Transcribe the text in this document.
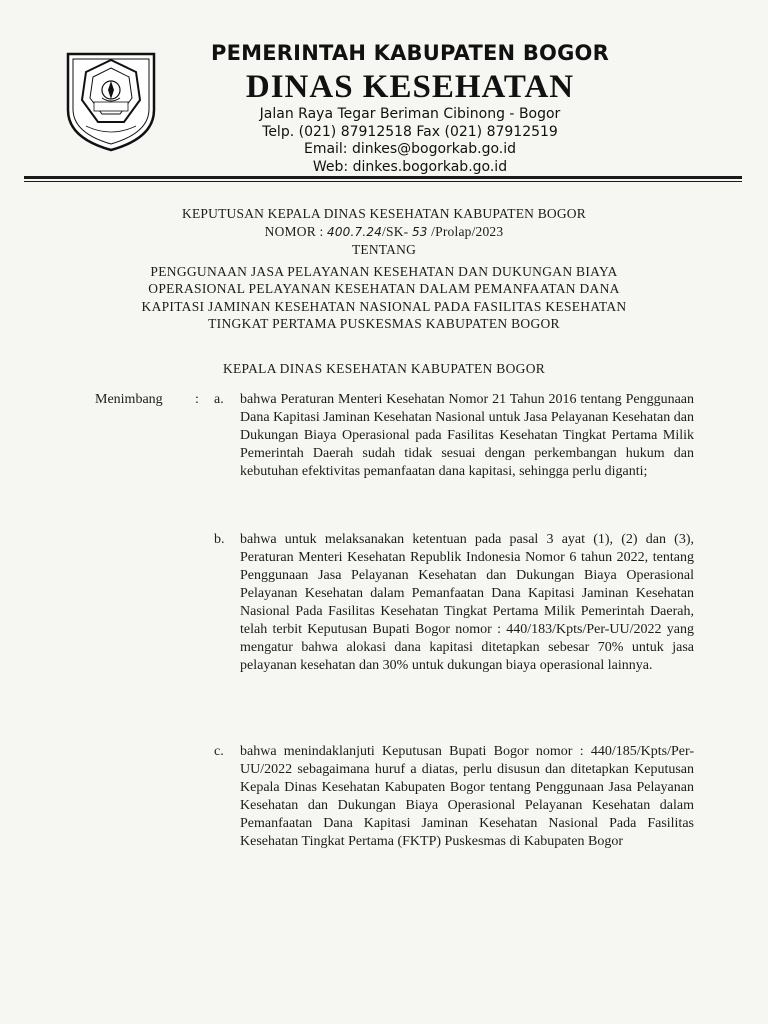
PEMERINTAH KABUPATEN BOGOR
DINAS KESEHATAN
Jalan Raya Tegar Beriman Cibinong - Bogor
Telp. (021) 87912518 Fax (021) 87912519
Email: dinkes@bogorkab.go.id
Web: dinkes.bogorkab.go.id
KEPUTUSAN KEPALA DINAS KESEHATAN KABUPATEN BOGOR
NOMOR : 400.7.24/SK- 53 /Prolap/2023
TENTANG
PENGGUNAAN JASA PELAYANAN KESEHATAN DAN DUKUNGAN BIAYA
OPERASIONAL PELAYANAN KESEHATAN DALAM PEMANFAATAN DANA
KAPITASI JAMINAN KESEHATAN NASIONAL PADA FASILITAS KESEHATAN
TINGKAT PERTAMA PUSKESMAS KABUPATEN BOGOR
KEPALA DINAS KESEHATAN KABUPATEN BOGOR
Menimbang : a. bahwa Peraturan Menteri Kesehatan Nomor 21 Tahun 2016 tentang Penggunaan Dana Kapitasi Jaminan Kesehatan Nasional untuk Jasa Pelayanan Kesehatan dan Dukungan Biaya Operasional pada Fasilitas Kesehatan Tingkat Pertama Milik Pemerintah Daerah sudah tidak sesuai dengan perkembangan hukum dan kebutuhan efektivitas pemanfaatan dana kapitasi, sehingga perlu diganti;

b. bahwa untuk melaksanakan ketentuan pada pasal 3 ayat (1), (2) dan (3), Peraturan Menteri Kesehatan Republik Indonesia Nomor 6 tahun 2022, tentang Penggunaan Jasa Pelayanan Kesehatan dan Dukungan Biaya Operasional Pelayanan Kesehatan dalam Pemanfaatan Dana Kapitasi Jaminan Kesehatan Nasional Pada Fasilitas Kesehatan Tingkat Pertama Milik Pemerintah Daerah, telah terbit Keputusan Bupati Bogor nomor : 440/183/Kpts/Per-UU/2022 yang mengatur bahwa alokasi dana kapitasi ditetapkan sebesar 70% untuk jasa pelayanan kesehatan dan 30% untuk dukungan biaya operasional lainnya.

c. bahwa menindaklanjuti Keputusan Bupati Bogor nomor : 440/185/Kpts/Per-UU/2022 sebagaimana huruf a diatas, perlu disusun dan ditetapkan Keputusan Kepala Dinas Kesehatan Kabupaten Bogor tentang Penggunaan Jasa Pelayanan Kesehatan dan Dukungan Biaya Operasional Pelayanan Kesehatan dalam Pemanfaatan Dana Kapitasi Jaminan Kesehatan Nasional Pada Fasilitas Kesehatan Tingkat Pertama (FKTP) Puskesmas di Kabupaten Bogor
